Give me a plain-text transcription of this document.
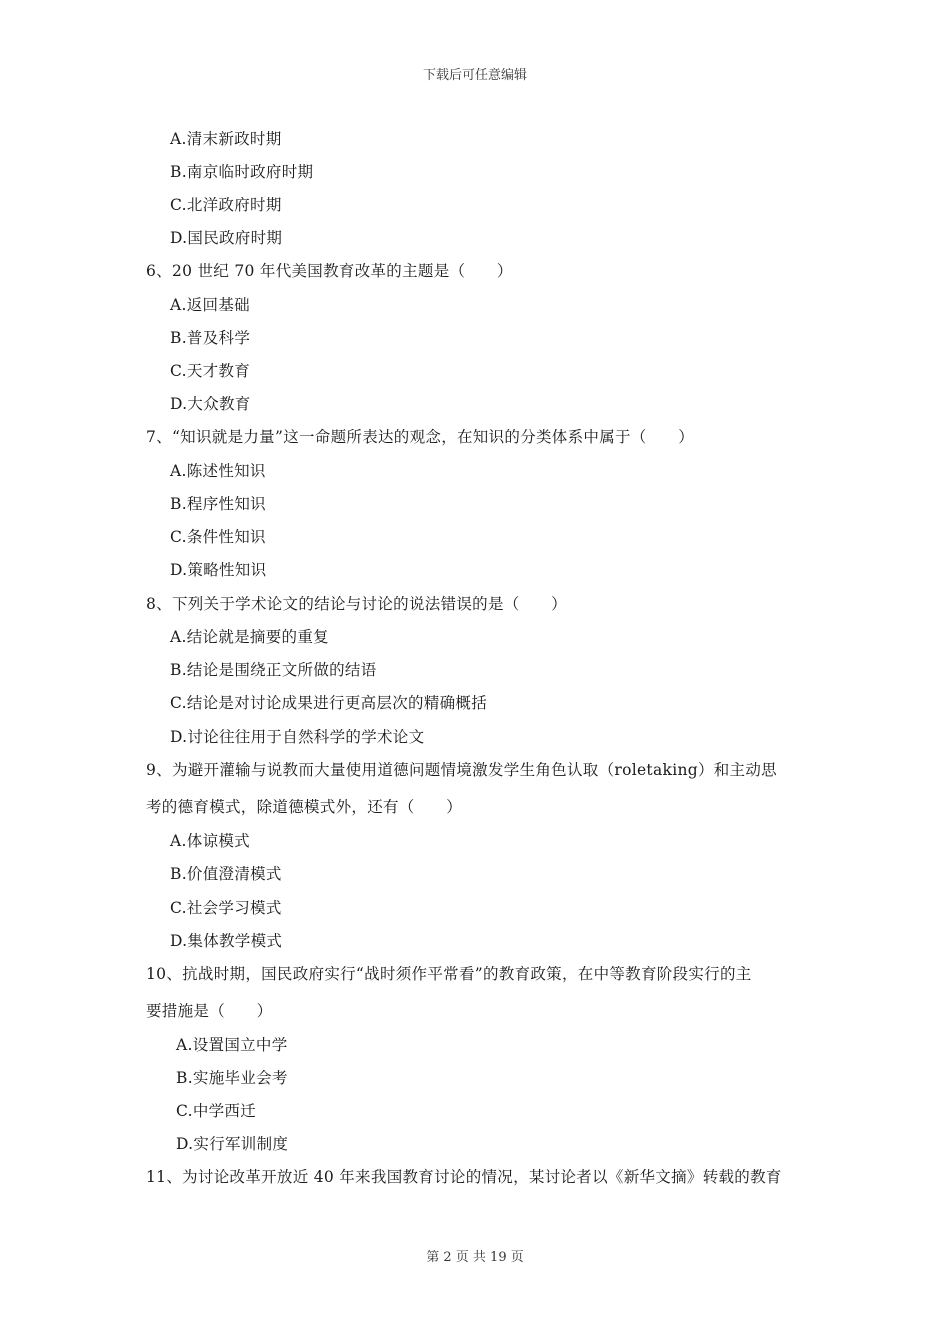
下载后可任意编辑
A.清末新政时期
B.南京临时政府时期
C.北洋政府时期
D.国民政府时期
6、20 世纪 70 年代美国教育改革的主题是（　　）
A.返回基础
B.普及科学
C.天才教育
D.大众教育
7、“知识就是力量”这一命题所表达的观念，在知识的分类体系中属于（　　）
A.陈述性知识
B.程序性知识
C.条件性知识
D.策略性知识
8、下列关于学术论文的结论与讨论的说法错误的是（　　）
A.结论就是摘要的重复
B.结论是围绕正文所做的结语
C.结论是对讨论成果进行更高层次的精确概括
D.讨论往往用于自然科学的学术论文
9、为避开灌输与说教而大量使用道德问题情境激发学生角色认取（roletaking）和主动思
考的德育模式，除道德模式外，还有（　　）
A.体谅模式
B.价值澄清模式
C.社会学习模式
D.集体教学模式
10、抗战时期，国民政府实行“战时须作平常看”的教育政策，在中等教育阶段实行的主
要措施是（　　）
A.设置国立中学
B.实施毕业会考
C.中学西迁
D.实行军训制度
11、为讨论改革开放近 40 年来我国教育讨论的情况，某讨论者以《新华文摘》转载的教育
第 2 页 共 19 页
